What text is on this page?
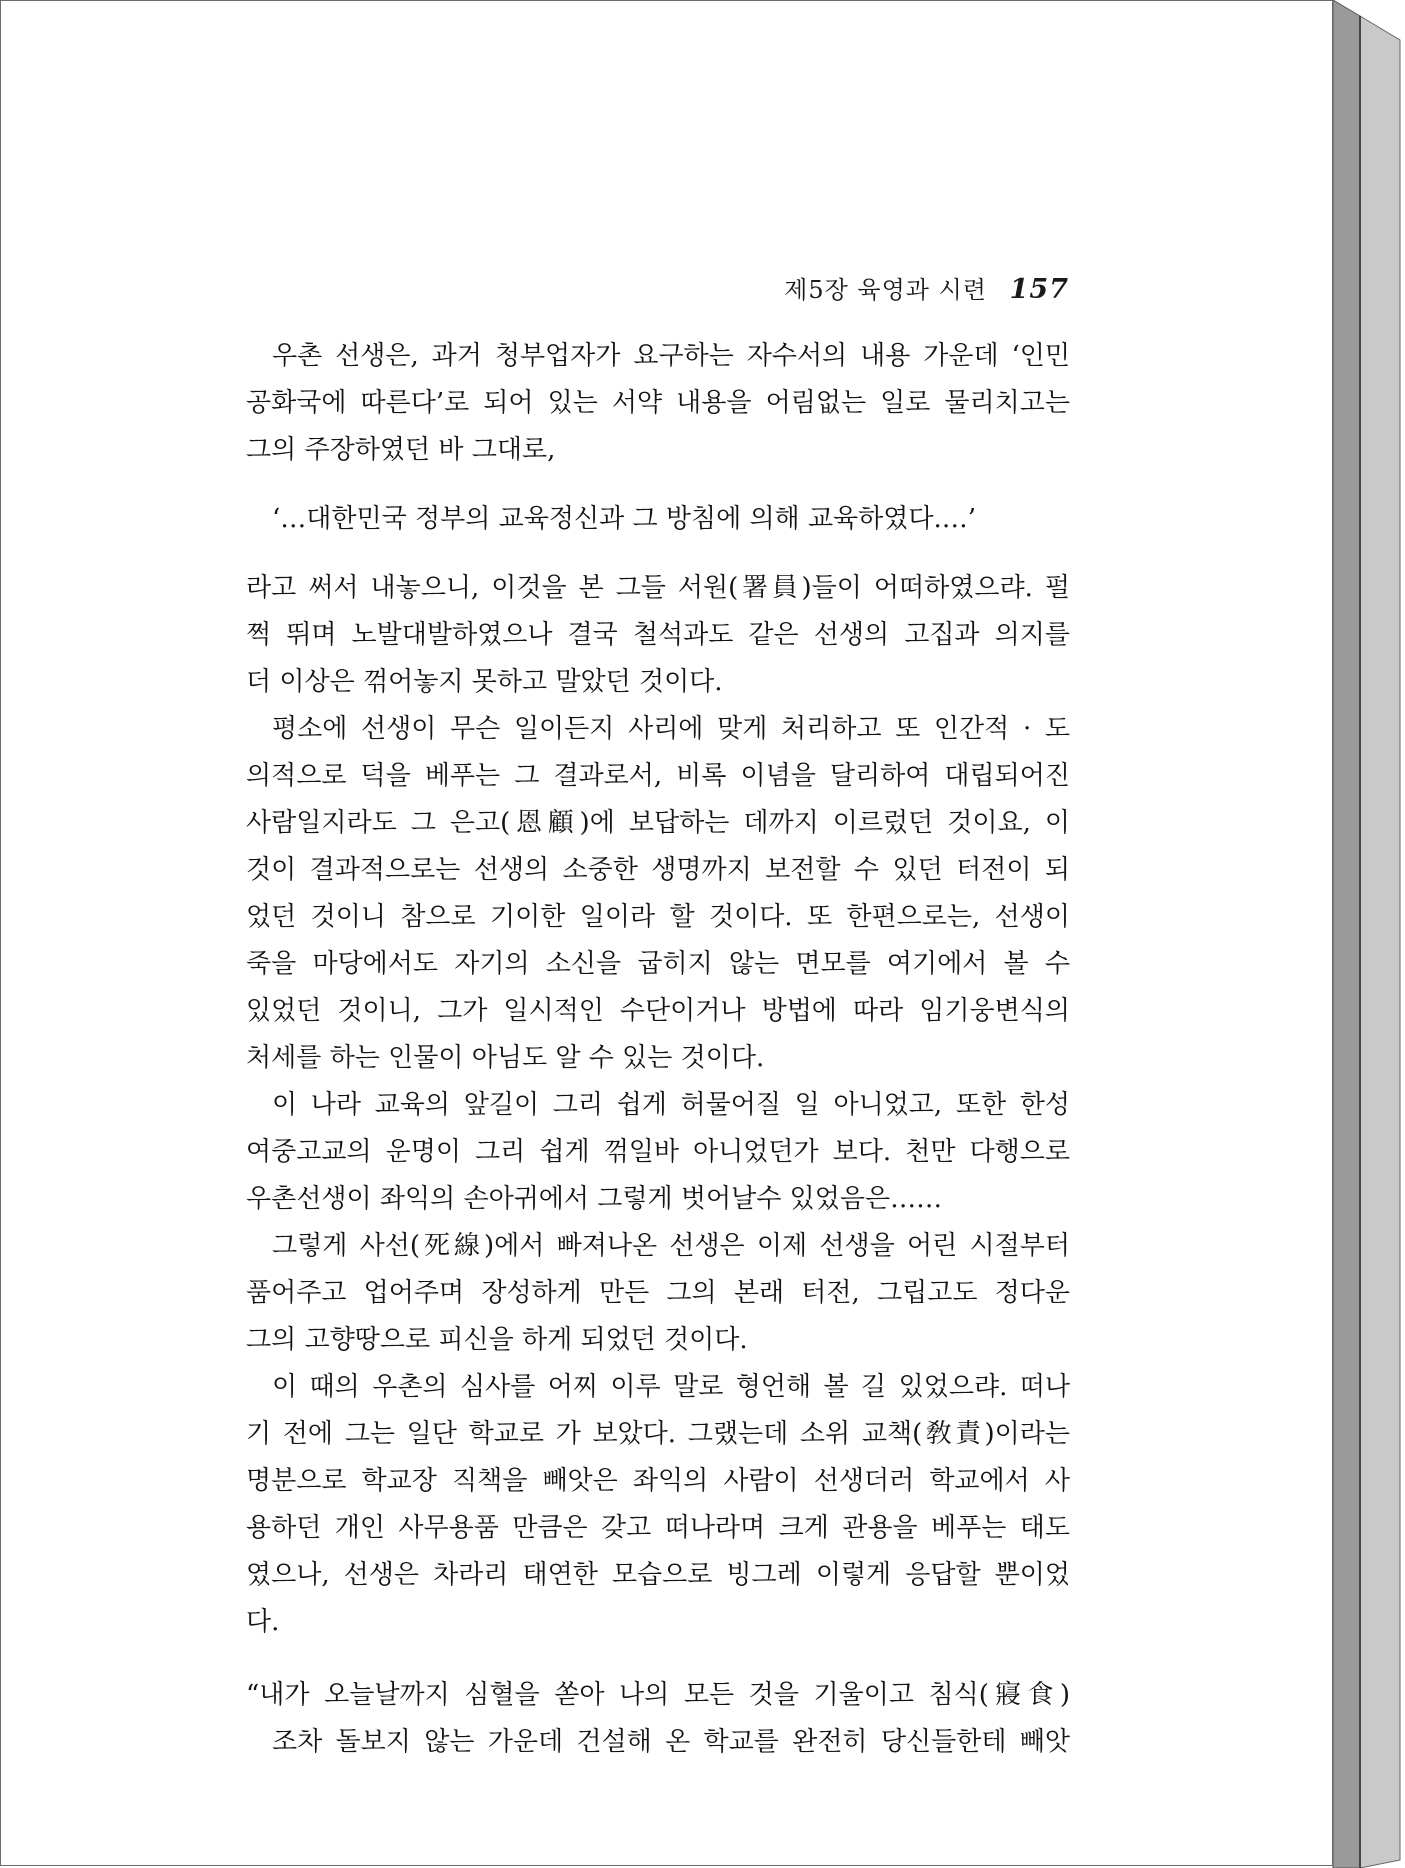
제5장 육영과 시련 157
우촌 선생은, 과거 청부업자가 요구하는 자수서의 내용 가운데 ‘인민
공화국에 따른다’로 되어 있는 서약 내용을 어림없는 일로 물리치고는
그의 주장하였던 바 그대로,
‘…대한민국 정부의 교육정신과 그 방침에 의해 교육하였다.…’
라고 써서 내놓으니, 이것을 본 그들 서원(署員)들이 어떠하였으랴. 펄
쩍 뛰며 노발대발하였으나 결국 철석과도 같은 선생의 고집과 의지를
더 이상은 꺾어놓지 못하고 말았던 것이다.
평소에 선생이 무슨 일이든지 사리에 맞게 처리하고 또 인간적 · 도
의적으로 덕을 베푸는 그 결과로서, 비록 이념을 달리하여 대립되어진
사람일지라도 그 은고(恩顧)에 보답하는 데까지 이르렀던 것이요, 이
것이 결과적으로는 선생의 소중한 생명까지 보전할 수 있던 터전이 되
었던 것이니 참으로 기이한 일이라 할 것이다. 또 한편으로는, 선생이
죽을 마당에서도 자기의 소신을 굽히지 않는 면모를 여기에서 볼 수
있었던 것이니, 그가 일시적인 수단이거나 방법에 따라 임기웅변식의
처세를 하는 인물이 아님도 알 수 있는 것이다.
이 나라 교육의 앞길이 그리 쉽게 허물어질 일 아니었고, 또한 한성
여중고교의 운명이 그리 쉽게 꺾일바 아니었던가 보다. 천만 다행으로
우촌선생이 좌익의 손아귀에서 그렇게 벗어날수 있었음은……
그렇게 사선(死線)에서 빠져나온 선생은 이제 선생을 어린 시절부터
품어주고 업어주며 장성하게 만든 그의 본래 터전, 그립고도 정다운
그의 고향땅으로 피신을 하게 되었던 것이다.
이 때의 우촌의 심사를 어찌 이루 말로 형언해 볼 길 있었으랴. 떠나
기 전에 그는 일단 학교로 가 보았다. 그랬는데 소위 교책(敎責)이라는
명분으로 학교장 직책을 빼앗은 좌익의 사람이 선생더러 학교에서 사
용하던 개인 사무용품 만큼은 갖고 떠나라며 크게 관용을 베푸는 태도
였으나, 선생은 차라리 태연한 모습으로 빙그레 이렇게 응답할 뿐이었
다.
“내가 오늘날까지 심혈을 쏟아 나의 모든 것을 기울이고 침식(寢食)
조차 돌보지 않는 가운데 건설해 온 학교를 완전히 당신들한테 빼앗
